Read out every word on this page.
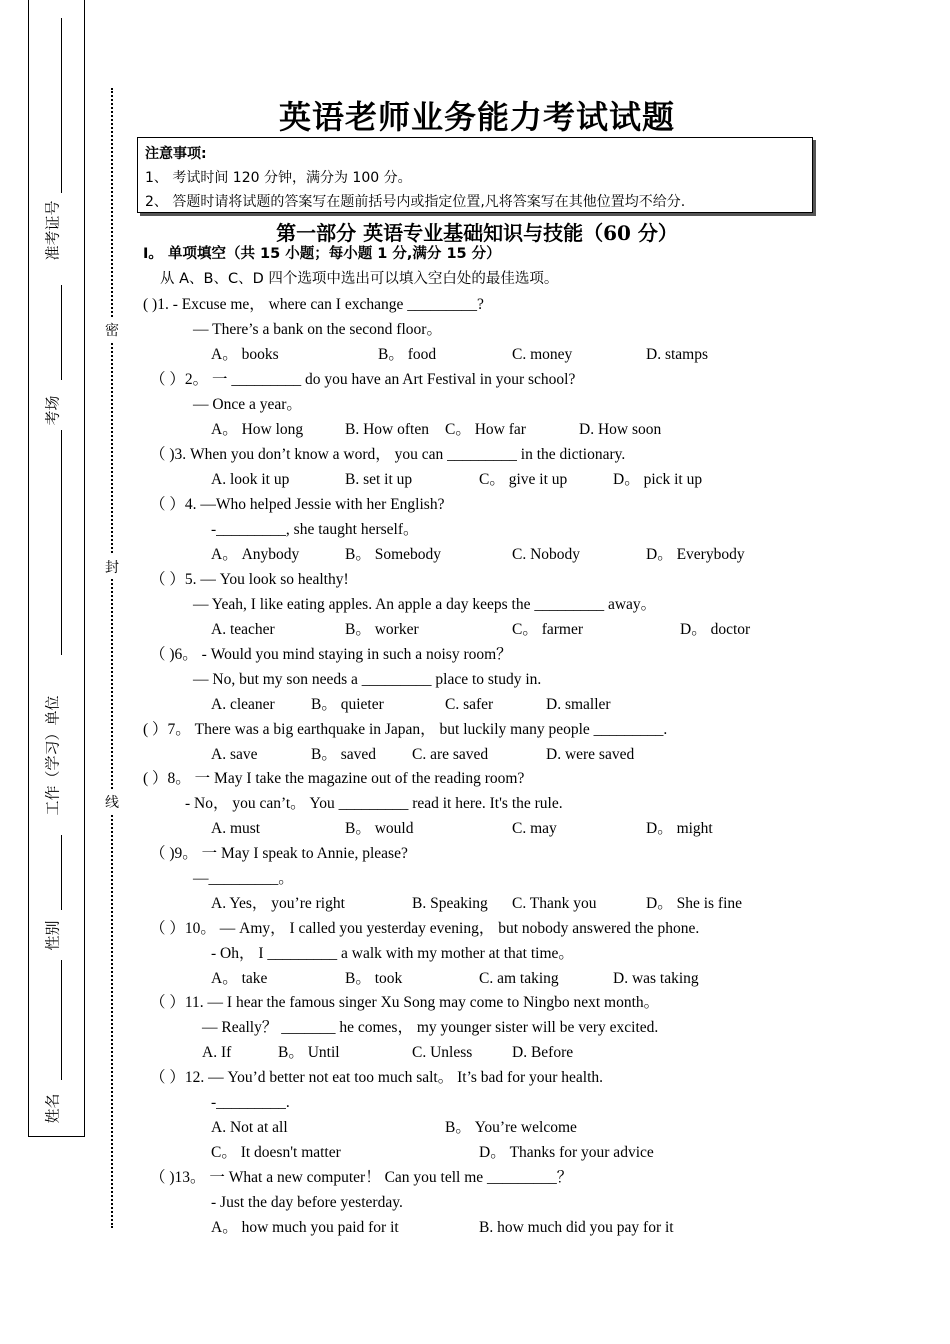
准考证号
考场
工作（学习）单位
性别
姓名
密
封
线
英语老师业务能力考试试题
注意事项:
1、 考试时间 120 分钟，满分为 100 分。
2、 答题时请将试题的答案写在题前括号内或指定位置,凡将答案写在其他位置均不给分.
第一部分 英语专业基础知识与技能（60 分）
I。 单项填空（共 15 小题；每小题 1 分,满分 15 分）
从 A、B、C、D 四个选项中选出可以填入空白处的最佳选项。
( )1. - Excuse me， where can I exchange _________?
— There’s a bank on the second floor。
A。 books	B。 food	C. money	D. stamps
（ ）2。 一 _________ do you have an Art Festival in your school?
— Once a year。
A。 How long	B. How often C。 How far	D. How soon
（ )3. When you don’t know a word， you can _________ in the dictionary.
A. look it up	B. set it up	C。 give it up	D。 pick it up
（ ）4. —Who helped Jessie with her English?
-_________, she taught herself。
A。 Anybody	B。 Somebody	C. Nobody	D。 Everybody
（ ）5. — You look so healthy!
— Yeah, I like eating apples. An apple a day keeps the _________ away。
A. teacher	B。 worker	C。 farmer	D。 doctor
（ )6。 - Would you mind staying in such a noisy room？
— No, but my son needs a _________ place to study in.
A. cleaner B。 quieter	C. safer	D. smaller
( ）7。 There was a big earthquake in Japan， but luckily many people _________.
A. save	B。 saved C. are saved	D. were saved
( ）8。 一 May I take the magazine out of the reading room?
- No， you can’t。 You _________ read it here. It's the rule.
A. must	B。 would	C. may	D。 might
（ )9。 一 May I speak to Annie, please?
—_________。
A. Yes， you’re right	B. Speaking C. Thank you	D。 She is fine
（ ）10。 — Amy， I called you yesterday evening， but nobody answered the phone.
- Oh， I _________ a walk with my mother at that time。
A。 take	B。 took	C. am taking	D. was taking
（ ）11. — I hear the famous singer Xu Song may come to Ningbo next month。
— Really？ _______ he comes， my younger sister will be very excited.
A. If	B。 Until	C. Unless	D. Before
（ ）12. — You’d better not eat too much salt。 It’s bad for your health.
-_________.
A. Not at all	B。 You’re welcome
C。 It doesn't matter	D。 Thanks for your advice
（ )13。 一 What a new computer！ Can you tell me _________？
- Just the day before yesterday.
A。 how much you paid for it	B. how much did you pay for it
